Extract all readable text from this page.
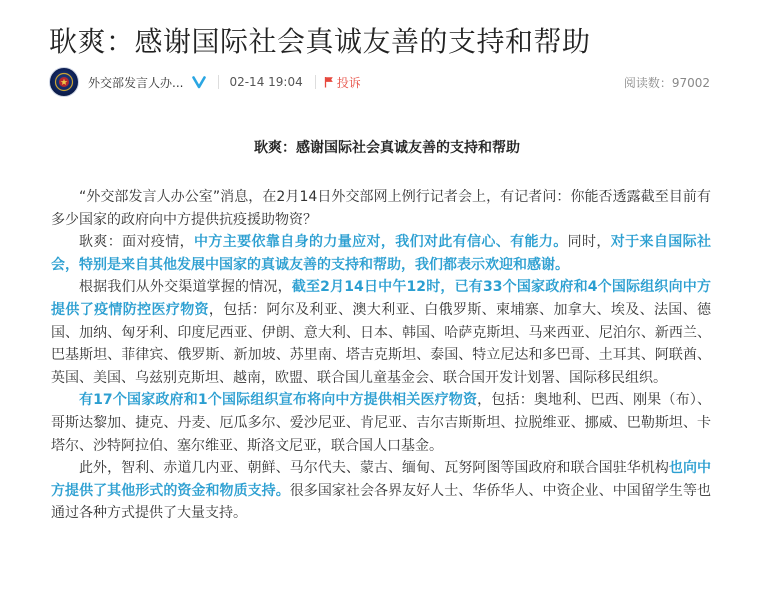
耿爽：感谢国际社会真诚友善的支持和帮助
外交部发言人办...	02-14 19:04	投诉	阅读数：97002
耿爽：感谢国际社会真诚友善的支持和帮助

“外交部发言人办公室”消息，在2月14日外交部网上例行记者会上，有记者问：你能否透露截至目前有多少国家的政府向中方提供抗疫援助物资？

耿爽：面对疫情，中方主要依靠自身的力量应对，我们对此有信心、有能力。同时，对于来自国际社会，特别是来自其他发展中国家的真诚友善的支持和帮助，我们都表示欢迎和感谢。

根据我们从外交渠道掌握的情况，截至2月14日中午12时，已有33个国家政府和4个国际组织向中方提供了疫情防控医疗物资，包括：阿尔及利亚、澳大利亚、白俄罗斯、柬埔寨、加拿大、埃及、法国、德国、加纳、匈牙利、印度尼西亚、伊朗、意大利、日本、韩国、哈萨克斯坦、马来西亚、尼泊尔、新西兰、巴基斯坦、菲律宾、俄罗斯、新加坡、苏里南、塔吉克斯坦、泰国、特立尼达和多巴哥、土耳其、阿联酋、英国、美国、乌兹别克斯坦、越南，欧盟、联合国儿童基金会、联合国开发计划署、国际移民组织。

有17个国家政府和1个国际组织宣布将向中方提供相关医疗物资，包括：奥地利、巴西、刚果（布）、哥斯达黎加、捷克、丹麦、厄瓜多尔、爱沙尼亚、肯尼亚、吉尔吉斯斯坦、拉脱维亚、挪威、巴勒斯坦、卡塔尔、沙特阿拉伯、塞尔维亚、斯洛文尼亚，联合国人口基金。

此外，智利、赤道几内亚、朝鲜、马尔代夫、蒙古、缅甸、瓦努阿图等国政府和联合国驻华机构也向中方提供了其他形式的资金和物质支持。很多国家社会各界友好人士、华侨华人、中资企业、中国留学生等也通过各种方式提供了大量支持。
